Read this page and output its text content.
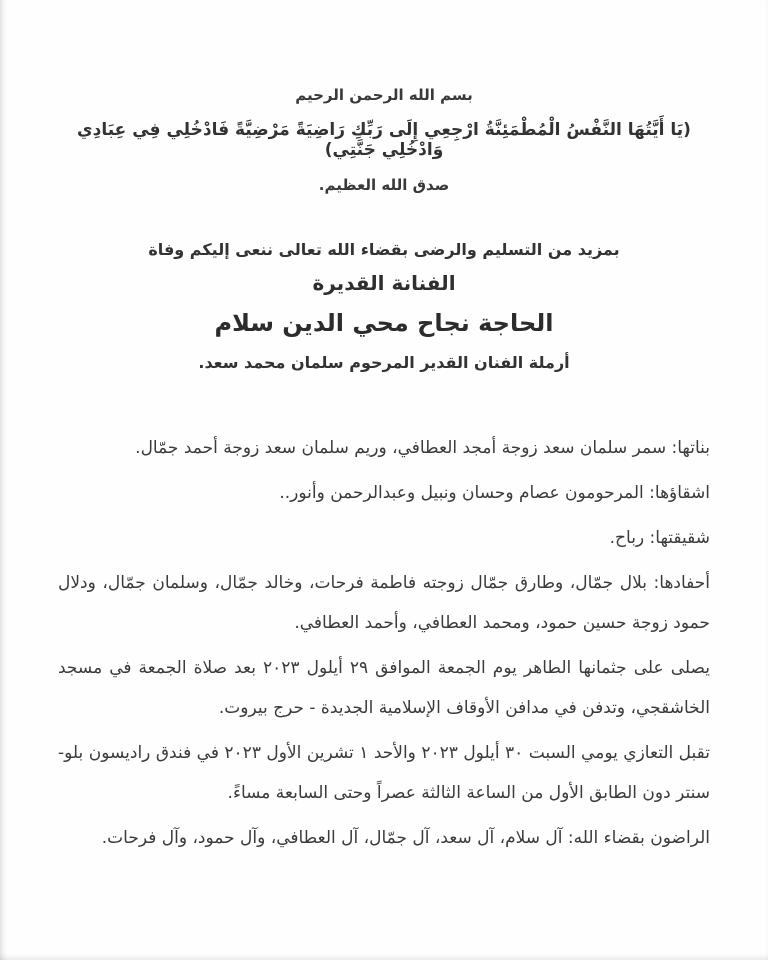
بسم الله الرحمن الرحيم

(يَا أَيَّتُهَا النَّفْسُ الْمُطْمَئِنَّةُ ارْجِعِي إِلَى رَبِّكِ رَاضِيَةً مَرْضِيَّةً فَادْخُلِي فِي عِبَادِي وَادْخُلِي جَنَّتِي)

صدق الله العظيم.

بمزيد من التسليم والرضى بقضاء الله تعالى ننعى إليكم وفاة

الفنانة القديرة
الحاجة نجاح محي الدين سلام

أرملة الفنان القدير المرحوم سلمان محمد سعد.

بناتها: سمر سلمان سعد زوجة أمجد العطافي، وريم سلمان سعد زوجة أحمد جمّال.

اشقاؤها: المرحومون عصام وحسان ونبيل وعبدالرحمن وأنور..

شقيقتها: رباح.

أحفادها: بلال جمّال، وطارق جمّال زوجته فاطمة فرحات، وخالد جمّال، وسلمان جمّال، ودلال حمود زوجة حسين حمود، ومحمد العطافي، وأحمد العطافي.

يصلى على جثمانها الطاهر يوم الجمعة الموافق ٢٩ أيلول ٢٠٢٣ بعد صلاة الجمعة في مسجد الخاشقجي، وتدفن في مدافن الأوقاف الإسلامية الجديدة - حرج بيروت.

تقبل التعازي يومي السبت ٣٠ أيلول ٢٠٢٣ والأحد ١ تشرين الأول ٢٠٢٣ في فندق راديسون بلو- سنتر دون الطابق الأول من الساعة الثالثة عصراً وحتى السابعة مساءً.

الراضون بقضاء الله: آل سلام، آل سعد، آل جمّال، آل العطافي، وآل حمود، وآل فرحات.
